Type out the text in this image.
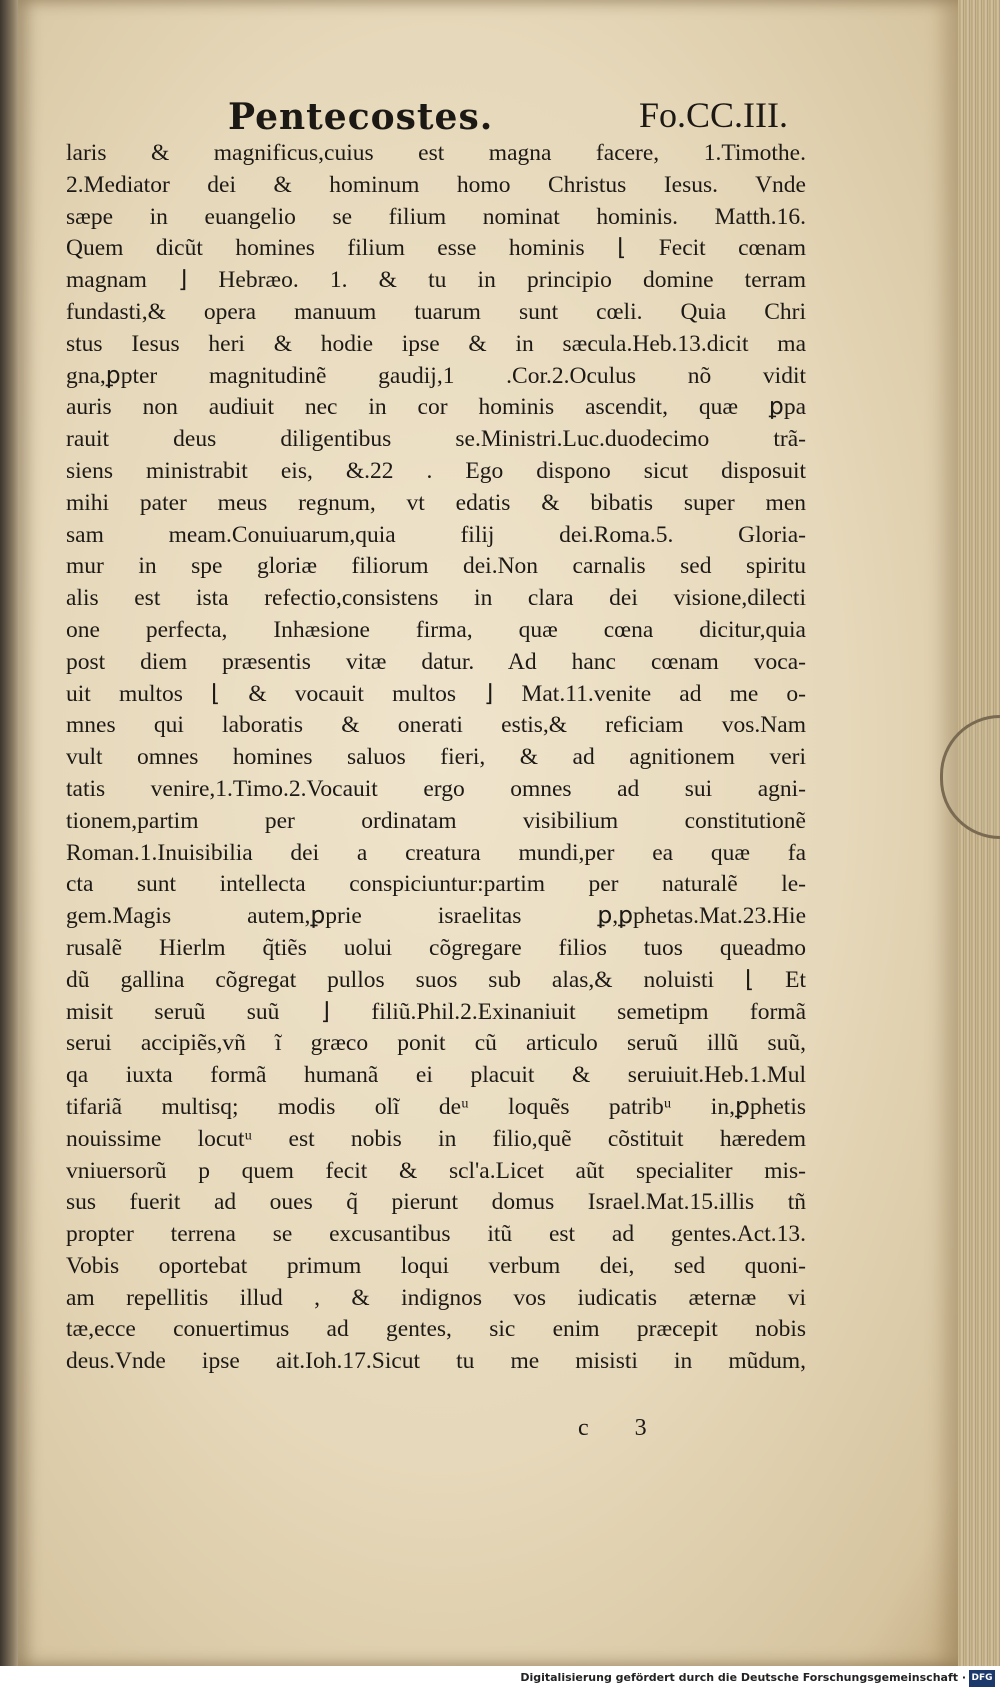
Pentecostes.	Fo.CC.III.
laris & magnificus,cuius est magna facere, 1.Timothe.
2.Mediator dei & hominum homo Christus Iesus. Vnde
sæpe in euangelio se filium nominat hominis. Matth.16.
Quem dicũt homines filium esse hominis ⌊ Fecit cœnam
magnam ⌋ Hebræo. 1. & tu in principio domine terram
fundasti,& opera manuum tuarum sunt cœli. Quia Chri
stus Iesus heri & hodie ipse & in sæcula.Heb.13.dicit ma
gna,ꝑpter magnitudinẽ gaudij,1 .Cor.2.Oculus nõ vidit
auris non audiuit nec in cor hominis ascendit, quæ ꝑpa
rauit deus diligentibus se.Ministri.Luc.duodecimo trã-
siens ministrabit eis, &.22 . Ego dispono sicut disposuit
mihi pater meus regnum, vt edatis & bibatis super men
sam meam.Conuiuarum,quia filij dei.Roma.5. Gloria-
mur in spe gloriæ filiorum dei.Non carnalis sed spiritu
alis est ista refectio,consistens in clara dei visione,dilecti
one perfecta, Inhæsione firma, quæ cœna dicitur,quia
post diem præsentis vitæ datur. Ad hanc cœnam voca-
uit multos ⌊ & vocauit multos ⌋ Mat.11.venite ad me o-
mnes qui laboratis & onerati estis,& reficiam vos.Nam
vult omnes homines saluos fieri, & ad agnitionem veri
tatis venire,1.Timo.2.Vocauit ergo omnes ad sui agni-
tionem,partim per ordinatam visibilium constitutionẽ
Roman.1.Inuisibilia dei a creatura mundi,per ea quæ fa
cta sunt intellecta conspiciuntur:partim per naturalẽ le-
gem.Magis autem,ꝑprie israelitas ꝑ,ꝑphetas.Mat.23.Hie
rusalẽ Hierlm q̃tiẽs uolui cõgregare filios tuos queadmo
dũ gallina cõgregat pullos suos sub alas,& noluisti ⌊ Et
misit seruũ suũ ⌋ filiũ.Phil.2.Exinaniuit semetipm formã
serui accipiẽs,vñ ĩ græco ponit cũ articulo seruũ illũ suũ,
qa iuxta formã humanã ei placuit & seruiuit.Heb.1.Mul
tifariã multisq; modis olĩ deᵘ loquẽs patribᵘ in,ꝑphetis
nouissime locutᵘ est nobis in filio,quẽ cõstituit hæredem
vniuersorũ p quem fecit & scl'a.Licet aũt specialiter mis-
sus fuerit ad oues q̃ pierunt domus Israel.Mat.15.illis tñ
propter terrena se excusantibus itũ est ad gentes.Act.13.
Vobis oportebat primum loqui verbum dei, sed quoni-
am repellitis illud , & indignos vos iudicatis æternæ vi
tæ,ecce conuertimus ad gentes, sic enim præcepit nobis
deus.Vnde ipse ait.Ioh.17.Sicut tu me misisti in mũdum,
c 3
Digitalisierung gefördert durch die Deutsche Forschungsgemeinschaft · DFG
